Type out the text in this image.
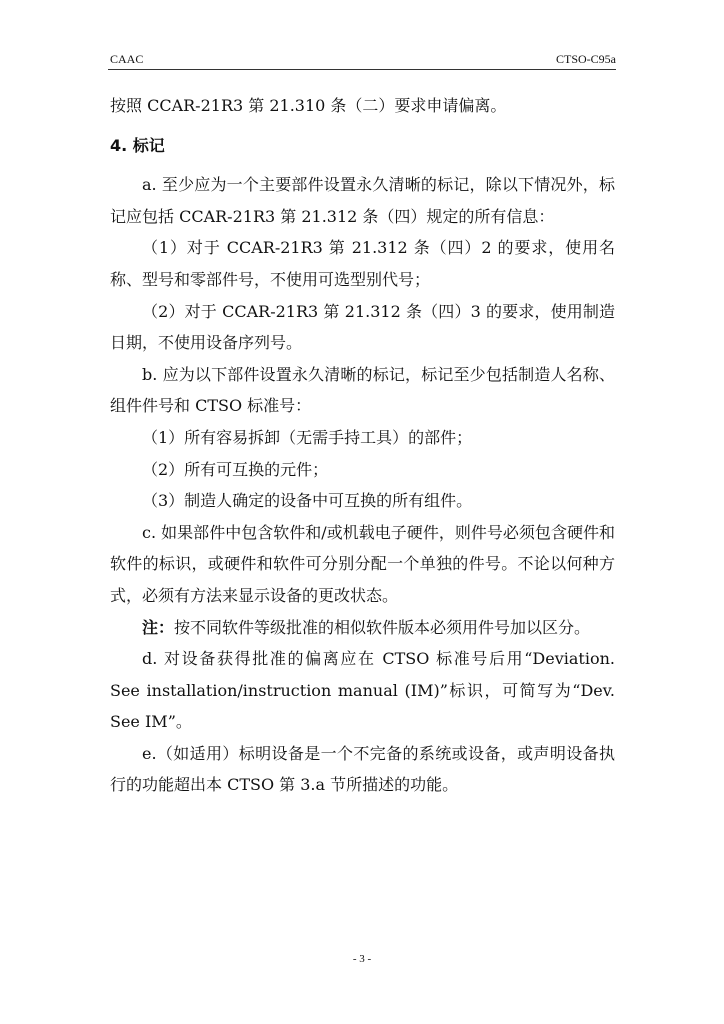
CAAC	CTSO-C95a

按照 CCAR-21R3 第 21.310 条（二）要求申请偏离。

4. 标记

a. 至少应为一个主要部件设置永久清晰的标记，除以下情况外，标记应包括 CCAR-21R3 第 21.312 条（四）规定的所有信息：

（1）对于 CCAR-21R3 第 21.312 条（四）2 的要求，使用名称、型号和零部件号，不使用可选型别代号；

（2）对于 CCAR-21R3 第 21.312 条（四）3 的要求，使用制造日期，不使用设备序列号。

b. 应为以下部件设置永久清晰的标记，标记至少包括制造人名称、组件件号和 CTSO 标准号：

（1）所有容易拆卸（无需手持工具）的部件；

（2）所有可互换的元件；

（3）制造人确定的设备中可互换的所有组件。

c. 如果部件中包含软件和/或机载电子硬件，则件号必须包含硬件和软件的标识，或硬件和软件可分别分配一个单独的件号。不论以何种方式，必须有方法来显示设备的更改状态。

注：按不同软件等级批准的相似软件版本必须用件号加以区分。

d. 对设备获得批准的偏离应在 CTSO 标准号后用“Deviation. See installation/instruction manual (IM)”标识，可简写为“Dev. See IM”。

e.（如适用）标明设备是一个不完备的系统或设备，或声明设备执行的功能超出本 CTSO 第 3.a 节所描述的功能。

- 3 -
